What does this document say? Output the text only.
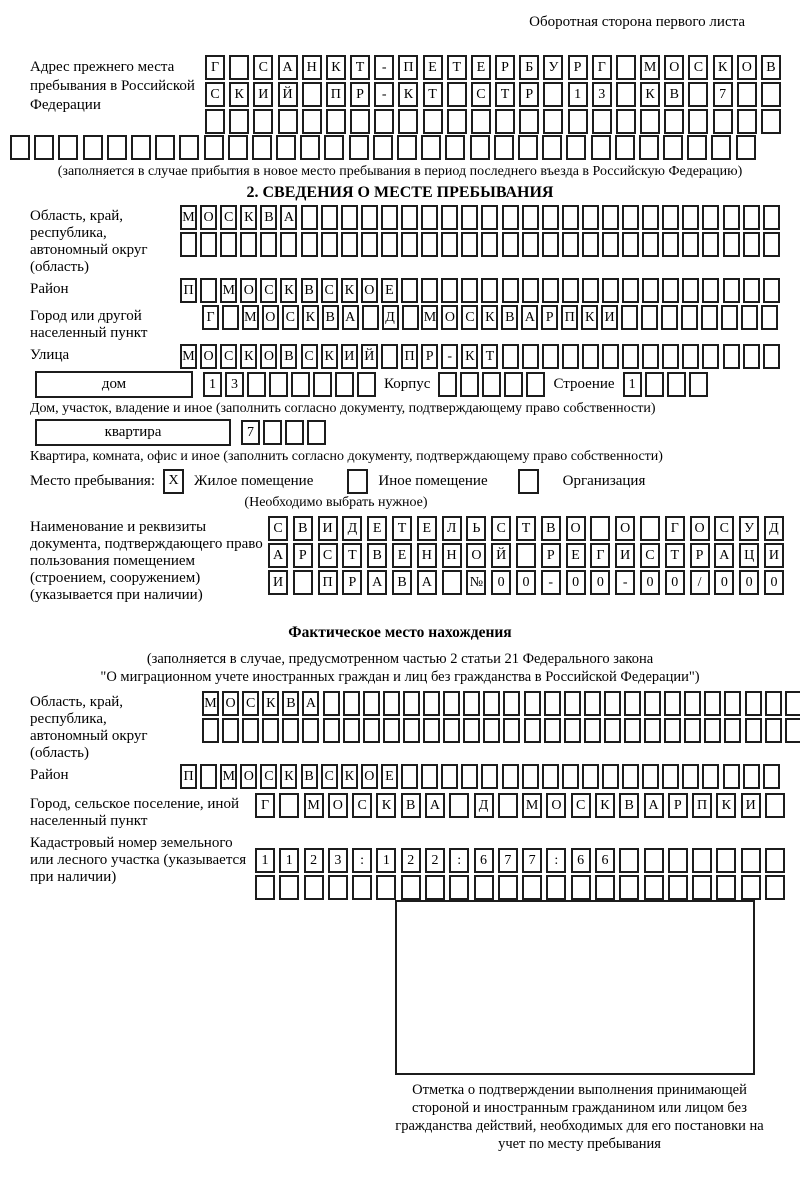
Оборотная сторона первого листа
Адрес прежнего места пребывания в Российской Федерации
Г	С	А	Н	К	Т	-	П	Е	Т	Е	Р	Б	У	Р	Г	М О	С	К	О	В
С	К	И	Й	П	Р	-	К	Т	С	Т	Р	1	3	К	В	7
(заполняется в случае прибытия в новое место пребывания в период последнего въезда в Российскую Федерацию)
2. СВЕДЕНИЯ О МЕСТЕ ПРЕБЫВАНИЯ
Область, край, республика, автономный округ (область)
М О С К В А
Район	П М О С К В С К О Е
Город или другой населенный пункт
Г	М О С К В А Д М О С К В А Р П К И
Улица	М О С К О В С К И Й П Р - К Т
дом	1	3	Корпус	Строение	1
Дом, участок, владение и иное (заполнить согласно документу, подтверждающему право собственности)
квартира	7
Квартира, комната, офис и иное (заполнить согласно документу, подтверждающему право собственности)
Место пребывания: X	Жилое помещение	Иное помещение	Организация
(Необходимо выбрать нужное)
Наименование и реквизиты документа, подтверждающего право пользования помещением (строением, сооружением) (указывается при наличии)
С	В	И	Д	Е	Т	Е	Л	Ь	С	Т	В	О	О	Г	О	С	У	Д
А	Р	С	Т	В	Е	Н	Н	О	Й	Р	Е	Г	И	С	Т	Р	А	Ц	И
И	П	Р	А	В	А	№	0	0	-	0	0	-	0	0	/	0	0	0
Фактическое место нахождения
(заполняется в случае, предусмотренном частью 2 статьи 21 Федерального закона
"О миграционном учете иностранных граждан и лиц без гражданства в Российской Федерации")
Область, край, республика, автономный округ (область)
М О С К В А
Район	П М О С К В С К О Е
Город, сельское поселение, иной населенный пункт
Г	М О	С	К	В	А	Д	М О	С	К	В	А	Р	П	К	И
Кадастровый номер земельного или лесного участка (указывается при наличии)
1	1	2	3	:	1	2	2	:	6	7	7	:	6	6
Отметка о подтверждении выполнения принимающей стороной и иностранным гражданином или лицом без гражданства действий, необходимых для его постановки на учет по месту пребывания
